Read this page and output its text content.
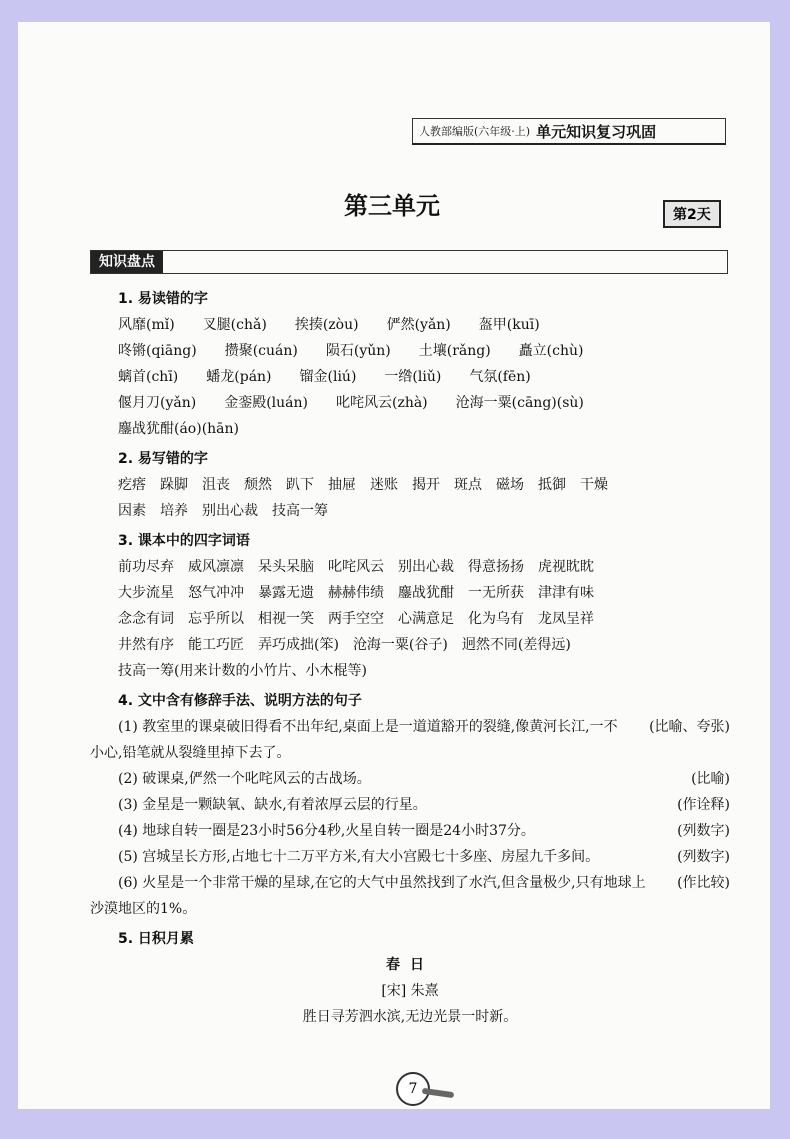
人教部编版(六年级·上) 单元知识复习巩固
第三单元	第2天
知识盘点
1. 易读错的字
风靡(mǐ) 叉腿(chǎ) 挨揍(zòu) 俨然(yǎn) 盔甲(kuī)
咚锵(qiāng) 攒聚(cuán) 陨石(yǔn) 土壤(rǎng) 矗立(chù)
螭首(chī) 蟠龙(pán) 镏金(liú) 一绺(liǔ) 气氛(fēn)
偃月刀(yǎn) 金銮殿(luán) 叱咤风云(zhà) 沧海一粟(cāng)(sù)
鏖战犹酣(áo)(hān)
2. 易写错的字
疙瘩 跺脚 沮丧 颓然 趴下 抽屉 迷账 揭开 斑点 磁场 抵御 干燥
因素 培养 别出心裁 技高一筹
3. 课本中的四字词语
前功尽弃 威风凛凛 呆头呆脑 叱咤风云 别出心裁 得意扬扬 虎视眈眈
大步流星 怒气冲冲 暴露无遗 赫赫伟绩 鏖战犹酣 一无所获 津津有味
念念有词 忘乎所以 相视一笑 两手空空 心满意足 化为乌有 龙凤呈祥
井然有序 能工巧匠 弄巧成拙(笨) 沧海一粟(谷子) 迥然不同(差得远)
技高一筹(用来计数的小竹片、小木棍等)
4. 文中含有修辞手法、说明方法的句子
(比喻、夸张)
(1) 教室里的课桌破旧得看不出年纪,桌面上是一道道豁开的裂缝,像黄河长江,一不小心,铅笔就从裂缝里掉下去了。
(比喻)
(2) 破课桌,俨然一个叱咤风云的古战场。
(作诠释)
(3) 金星是一颗缺氧、缺水,有着浓厚云层的行星。
(列数字)
(4) 地球自转一圈是23小时56分4秒,火星自转一圈是24小时37分。
(列数字)
(5) 宫城呈长方形,占地七十二万平方米,有大小宫殿七十多座、房屋九千多间。
(作比较)
(6) 火星是一个非常干燥的星球,在它的大气中虽然找到了水汽,但含量极少,只有地球上沙漠地区的1%。
5. 日积月累
春日
[宋] 朱熹
胜日寻芳泗水滨,无边光景一时新。
7
